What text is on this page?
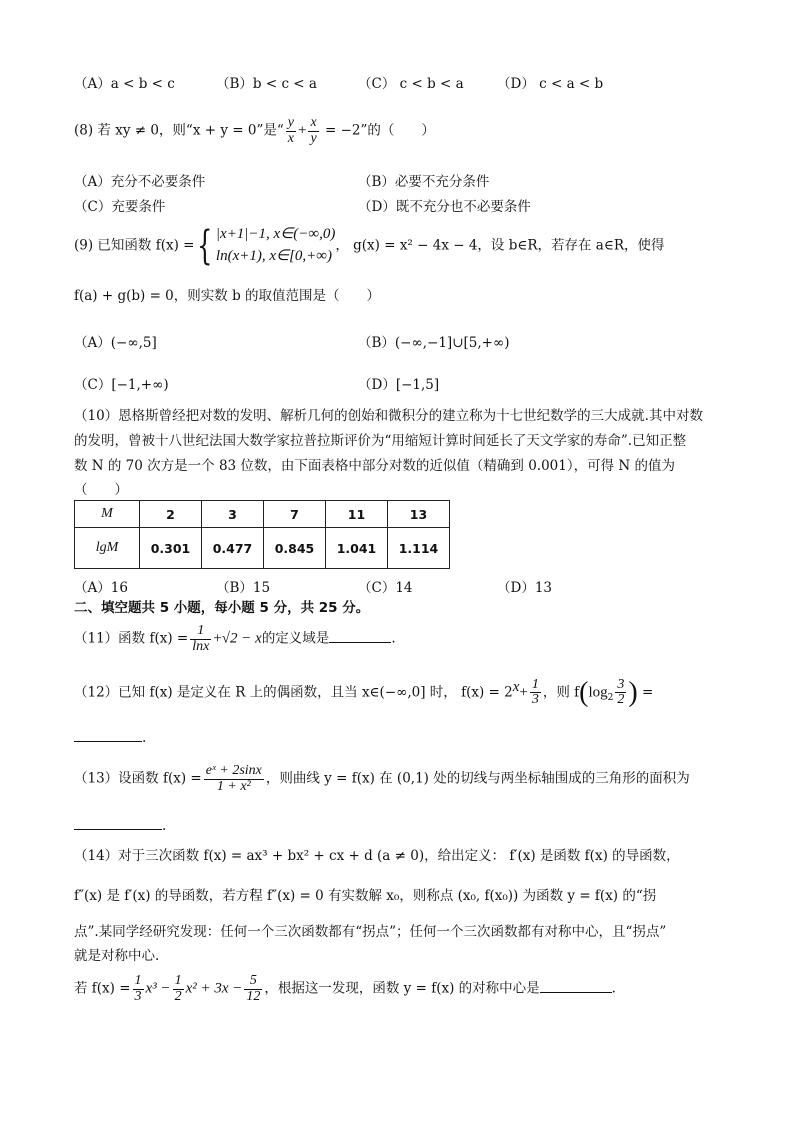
（A）a < b < c	（B）b < c < a	（C） c < b < a （D） c < a < b
(8) 若 xy ≠ 0，则“x + y = 0”是“ $\frac{y}{x} + \frac{x}{y} = -2$”的（　　）
（A）充分不必要条件	（B）必要不充分条件
（C）充要条件	（D）既不充分也不必要条件
(9) 已知函数 f(x) ={ |x+1|−1, x∈(−∞,0)
ln(x+1), x∈[0,+∞)
， g(x) = x² − 4x − 4，设 b∈R，若存在 a∈R，使得
f(a) + g(b) = 0，则实数 b 的取值范围是（　　）
（A）(−∞,5]	（B）(−∞,−1]∪[5,+∞)
（C）[−1,+∞)	（D）[−1,5]
（10）恩格斯曾经把对数的发明、解析几何的创始和微积分的建立称为十七世纪数学的三大成就.其中对数
的发明，曾被十八世纪法国大数学家拉普拉斯评价为“用缩短计算时间延长了天文学家的寿命”.已知正整
数 N 的 70 次方是一个 83 位数，由下面表格中部分对数的近似值（精确到 0.001），可得 N 的值为
（　　）
M	2	3	7	11	13
lgM	0.301	0.477	0.845	1.041	1.114
（A）16	（B）15	（C）14	（D）13
二、填空题共 5 小题，每小题 5 分，共 25 分。
（11）函数 $f(x) = \frac{1}{\ln x} +√2 - x$的定义域是	.
（12）已知 f(x) 是定义在 R 上的偶函数，且当 x∈(−∞,0] 时， $f(x) = 2^x+ \frac{1}{3}$ ，则 $f(\log_2 \frac{3}{2}$ ) =
.
（13）设函数 $f(x) = \frac{\text{eˣ + 2sinx}}{\text{1 + x²}}$ ，则曲线 y = f(x) 在 (0,1) 处的切线与两坐标轴围成的三角形的面积为
.
（14）对于三次函数 f(x) = ax³ + bx² + cx + d (a ≠ 0)，给出定义： f′(x) 是函数 f(x) 的导函数，
f″(x) 是 f′(x) 的导函数，若方程 f″(x) = 0 有实数解 x₀，则称点 (x₀, f(x₀)) 为函数 y = f(x) 的“拐
点”.某同学经研究发现：任何一个三次函数都有“拐点”；任何一个三次函数都有对称中心，且“拐点”
就是对称中心.
若 $f(x) = \frac{1}{3} x^3 - \frac{1}{2} x^2 + 3x - \frac{5}{12}$ ，根据这一发现，函数 y = f(x) 的对称中心是	.
